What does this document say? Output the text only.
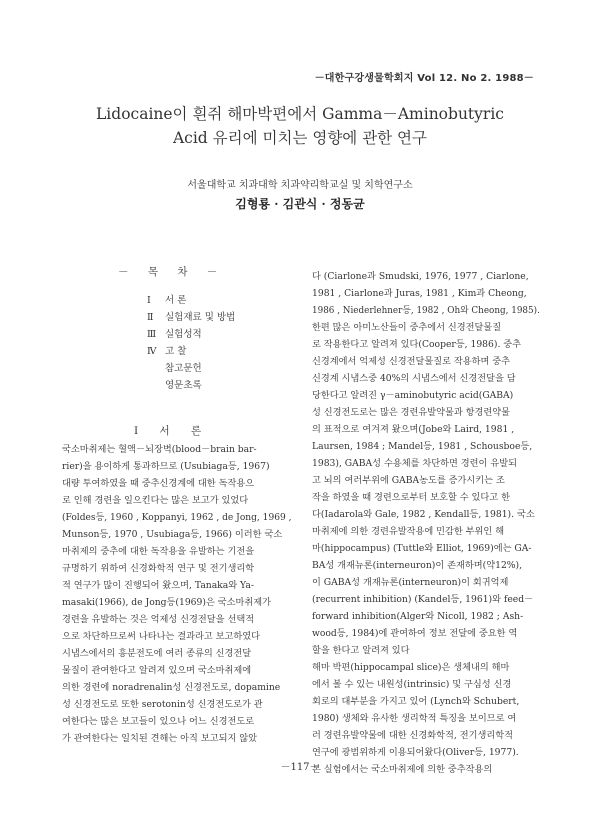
－대한구강생물학회지 Vol 12. No 2. 1988－
Lidocaine이 흰쥐 해마박편에서 Gamma－Aminobutyric
Acid 유리에 미치는 영향에 관한 연구
서울대학교 치과대학 치과약리학교실 및 치학연구소
김형룡 · 김관식 · 정동균
－ 목 차 －
Ⅰ	서 론
Ⅱ	실험재료 및 방법
Ⅲ 실험성적
Ⅳ 고 찰
참고문헌
영문초록
Ⅰ 서 론
국소마취제는 혈액－뇌장벽(blood－brain bar-
rier)을 용이하게 통과하므로 (Usubiaga등, 1967)
대량 투여하였을 때 중추신경계에 대한 독작용으
로 인해 경련을 일으킨다는 많은 보고가 있었다
(Foldes등, 1960 , Koppanyi, 1962 , de Jong, 1969 ,
Munson등, 1970 , Usubiaga등, 1966) 이러한 국소
마취제의 중추에 대한 독작용을 유발하는 기전을
규명하기 위하여 신경화학적 연구 및 전기생리학
적 연구가 많이 진행되어 왔으며, Tanaka와 Ya-
masaki(1966), de Jong등(1969)은 국소마취제가
경련을 유발하는 것은 억제성 신경전달을 선택적
으로 차단하므로써 나타나는 결과라고 보고하였다
시냅스에서의 흥분전도에 여러 종류의 신경전달
물질이 관여한다고 알려져 있으며 국소마취제에
의한 경련에 noradrenalin성 신경전도로, dopamine
성 신경전도로 또한 serotonin성 신경전도로가 관
여한다는 많은 보고들이 있으나 어느 신경전도로
가 관여한다는 일치된 견해는 아직 보고되지 않았
다 (Ciarlone과 Smudski, 1976, 1977 , Ciarlone,
1981 , Ciarlone과 Juras, 1981 , Kim과 Cheong,
1986 , Niederlehner등, 1982 , Oh와 Cheong, 1985).
한편 많은 아미노산들이 중추에서 신경전달물질
로 작용한다고 알려져 있다(Cooper등, 1986). 중추
신경계에서 억제성 신경전달물질로 작용하며 중추
신경계 시냅스중 40%의 시냅스에서 신경전달을 담
당한다고 알려진 γ－aminobutyric acid(GABA)
성 신경전도로는 많은 경련유발약물과 항경련약물
의 표적으로 여겨져 왔으며(Jobe와 Laird, 1981 ,
Laursen, 1984 ; Mandel등, 1981 , Schousboe등,
1983), GABA성 수용체를 차단하면 경련이 유발되
고 뇌의 여러부위에 GABA농도를 증가시키는 조
작을 하였을 때 경련으로부터 보호할 수 있다고 한
다(Iadarola와 Gale, 1982 , Kendall등, 1981). 국소
마취제에 의한 경련유발작용에 민감한 부위인 해
마(hippocampus) (Tuttle와 Elliot, 1969)에는 GA-
BA성 개재뉴론(interneuron)이 존재하며(약12%),
이 GABA성 개재뉴론(interneuron)이 회귀억제
(recurrent inhibition) (Kandel등, 1961)와 feed－
forward inhibition(Alger와 Nicoll, 1982 ; Ash-
wood등, 1984)에 관여하여 정보 전달에 중요한 역
할을 한다고 알려져 있다
해마 박편(hippocampal slice)은 생체내의 해마
에서 볼 수 있는 내원성(intrinsic) 및 구심성 신경
회로의 대부분을 가지고 있어 (Lynch와 Schubert,
1980) 생체와 유사한 생리학적 특징을 보이므로 여
러 경련유발약물에 대한 신경화학적, 전기생리학적
연구에 광범위하게 이용되어왔다(Oliver등, 1977).
본 실험에서는 국소마취제에 의한 중추작용의
－117－
